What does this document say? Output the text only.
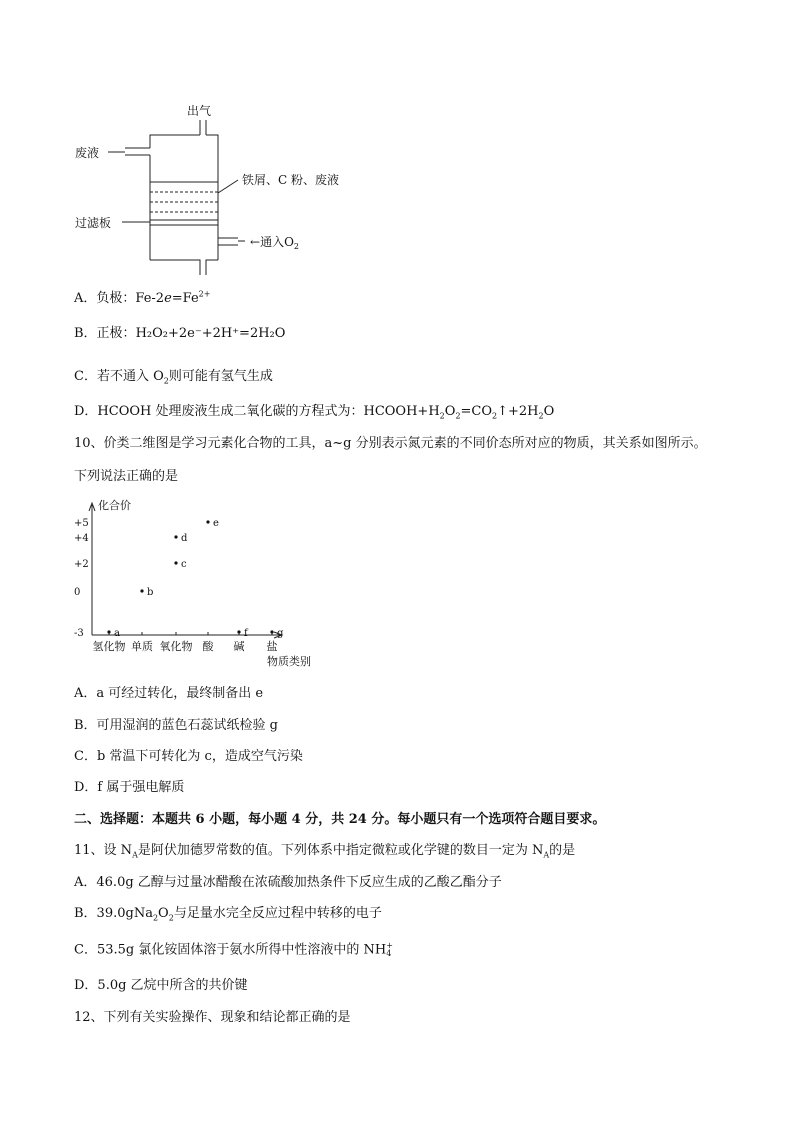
出气
废液
铁屑、C 粉、废液
过滤板
←通入$O_2$
A．负极：$Fe-2e=Fe^{2+}$
B．正极：H₂O₂+2e⁻+2H⁺=2H₂O
C．若不通入 $O_2$则可能有氢气生成
D．HCOOH 处理废液生成二氧化碳的方程式为：$HCOOH+H_2O_2=CO_2↑+2H_2O$
10、价类二维图是学习元素化合物的工具，a~g 分别表示氮元素的不同价态所对应的物质，其关系如图所示。
下列说法正确的是
化合价
物质类别
+5
+4
+2
0
-3
氢化物 单质 氧化物 酸 碱 盐
a
b
c
d
e
f	g
A．a 可经过转化，最终制备出 e
B．可用湿润的蓝色石蕊试纸检验 g
C．b 常温下可转化为 c，造成空气污染
D．f 属于强电解质
二、选择题：本题共 6 小题，每小题 4 分，共 24 分。每小题只有一个选项符合题目要求。
11、设 $N_A$是阿伏加德罗常数的值。下列体系中指定微粒或化学键的数目一定为 $N_A$的是
A．46.0g 乙醇与过量冰醋酸在浓硫酸加热条件下反应生成的乙酸乙酯分子
B．$39.0gNa_2O_2$与足量水完全反应过程中转移的电子
C．53.5g 氯化铵固体溶于氨水所得中性溶液中的 NH +
4
D．5.0g 乙烷中所含的共价键
12、下列有关实验操作、现象和结论都正确的是
